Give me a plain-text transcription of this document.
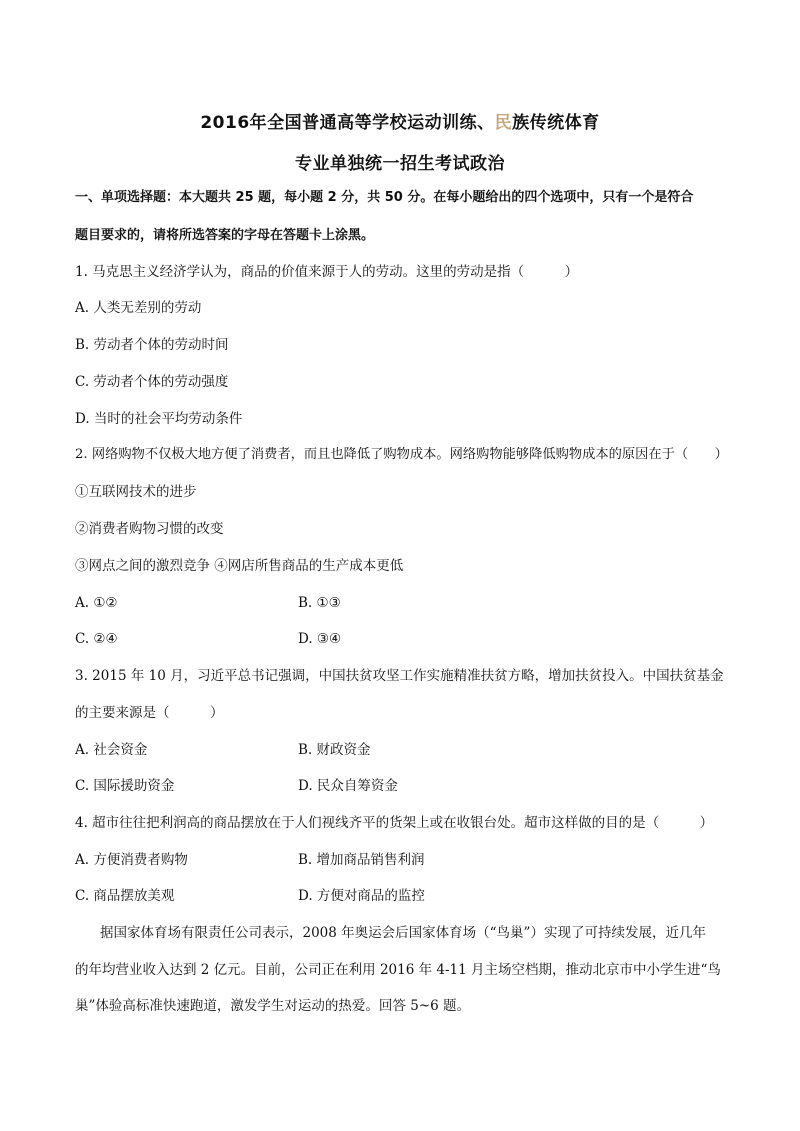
2016年全国普通高等学校运动训练、民族传统体育
专业单独统一招生考试政治
一、单项选择题：本大题共 25 题，每小题 2 分，共 50 分。在每小题给出的四个选项中，只有一个是符合
题目要求的，请将所选答案的字母在答题卡上涂黑。
1. 马克思主义经济学认为，商品的价值来源于人的劳动。这里的劳动是指（　　　）
A. 人类无差别的劳动
B. 劳动者个体的劳动时间
C. 劳动者个体的劳动强度
D. 当时的社会平均劳动条件
2. 网络购物不仅极大地方便了消费者，而且也降低了购物成本。网络购物能够降低购物成本的原因在于（　　）
①互联网技术的进步
②消费者购物习惯的改变
③网点之间的激烈竞争 ④网店所售商品的生产成本更低
A. ①②	B. ①③
C. ②④	D. ③④
3. 2015 年 10 月，习近平总书记强调，中国扶贫攻坚工作实施精准扶贫方略，增加扶贫投入。中国扶贫基金
的主要来源是（　　　）
A. 社会资金	B. 财政资金
C. 国际援助资金	D. 民众自筹资金
4. 超市往往把利润高的商品摆放在于人们视线齐平的货架上或在收银台处。超市这样做的目的是（　　　）
A. 方便消费者购物	B. 增加商品销售利润
C. 商品摆放美观	D. 方便对商品的监控
据国家体育场有限责任公司表示，2008 年奥运会后国家体育场（“鸟巢”）实现了可持续发展，近几年
的年均营业收入达到 2 亿元。目前，公司正在利用 2016 年 4-11 月主场空档期，推动北京市中小学生进“鸟
巢”体验高标准快速跑道，激发学生对运动的热爱。回答 5~6 题。
